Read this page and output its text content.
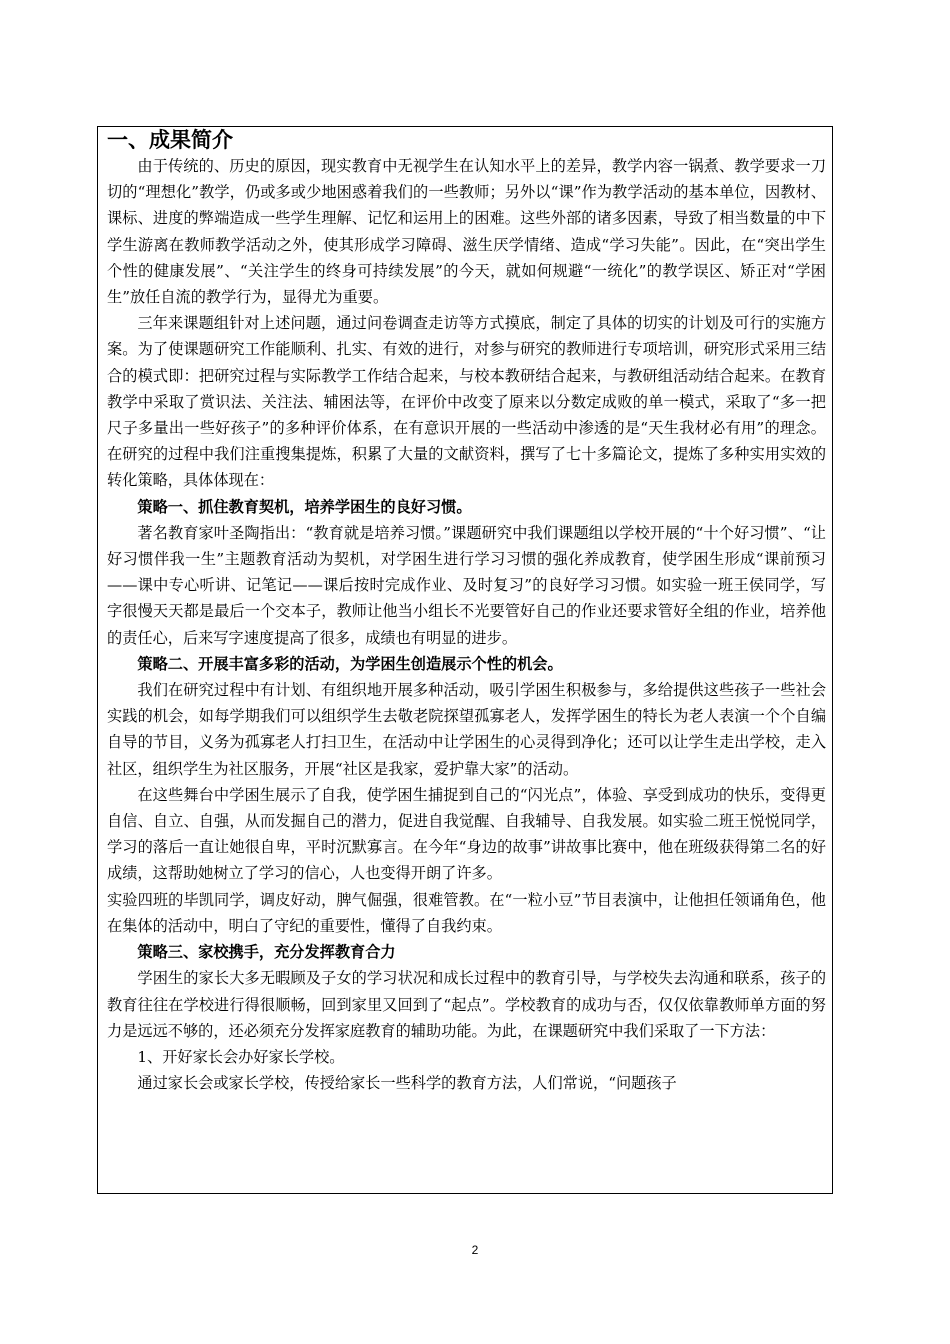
一、成果简介

由于传统的、历史的原因，现实教育中无视学生在认知水平上的差异，教学内容一锅煮、教学要求一刀切的“理想化”教学，仍或多或少地困惑着我们的一些教师；另外以“课”作为教学活动的基本单位，因教材、课标、进度的弊端造成一些学生理解、记忆和运用上的困难。这些外部的诸多因素，导致了相当数量的中下学生游离在教师教学活动之外，使其形成学习障碍、滋生厌学情绪、造成“学习失能”。因此，在“突出学生个性的健康发展”、“关注学生的终身可持续发展”的今天，就如何规避“一统化”的教学误区、矫正对“学困生”放任自流的教学行为，显得尤为重要。

三年来课题组针对上述问题，通过问卷调查走访等方式摸底，制定了具体的切实的计划及可行的实施方案。为了使课题研究工作能顺利、扎实、有效的进行，对参与研究的教师进行专项培训，研究形式采用三结合的模式即：把研究过程与实际教学工作结合起来，与校本教研结合起来，与教研组活动结合起来。在教育教学中采取了赏识法、关注法、辅困法等，在评价中改变了原来以分数定成败的单一模式，采取了“多一把尺子多量出一些好孩子”的多种评价体系，在有意识开展的一些活动中渗透的是“天生我材必有用”的理念。在研究的过程中我们注重搜集提炼，积累了大量的文献资料，撰写了七十多篇论文，提炼了多种实用实效的转化策略，具体体现在：

策略一、抓住教育契机，培养学困生的良好习惯。

著名教育家叶圣陶指出：“教育就是培养习惯。”课题研究中我们课题组以学校开展的“十个好习惯”、“让好习惯伴我一生”主题教育活动为契机，对学困生进行学习习惯的强化养成教育，使学困生形成“课前预习——课中专心听讲、记笔记——课后按时完成作业、及时复习”的良好学习习惯。如实验一班王侯同学，写字很慢天天都是最后一个交本子，教师让他当小组长不光要管好自己的作业还要求管好全组的作业，培养他的责任心，后来写字速度提高了很多，成绩也有明显的进步。

策略二、开展丰富多彩的活动，为学困生创造展示个性的机会。

我们在研究过程中有计划、有组织地开展多种活动，吸引学困生积极参与，多给提供这些孩子一些社会实践的机会，如每学期我们可以组织学生去敬老院探望孤寡老人，发挥学困生的特长为老人表演一个个自编自导的节目，义务为孤寡老人打扫卫生，在活动中让学困生的心灵得到净化；还可以让学生走出学校，走入社区，组织学生为社区服务，开展“社区是我家，爱护靠大家”的活动。

在这些舞台中学困生展示了自我，使学困生捕捉到自己的“闪光点”，体验、享受到成功的快乐，变得更自信、自立、自强，从而发掘自己的潜力，促进自我觉醒、自我辅导、自我发展。如实验二班王悦悦同学，学习的落后一直让她很自卑，平时沉默寡言。在今年“身边的故事”讲故事比赛中，他在班级获得第二名的好成绩，这帮助她树立了学习的信心，人也变得开朗了许多。

实验四班的毕凯同学，调皮好动，脾气倔强，很难管教。在“一粒小豆”节目表演中，让他担任领诵角色，他在集体的活动中，明白了守纪的重要性，懂得了自我约束。

策略三、家校携手，充分发挥教育合力

学困生的家长大多无暇顾及子女的学习状况和成长过程中的教育引导，与学校失去沟通和联系，孩子的教育往往在学校进行得很顺畅，回到家里又回到了“起点”。学校教育的成功与否，仅仅依靠教师单方面的努力是远远不够的，还必须充分发挥家庭教育的辅助功能。为此，在课题研究中我们采取了一下方法：

1、开好家长会办好家长学校。

通过家长会或家长学校，传授给家长一些科学的教育方法，人们常说，“问题孩子

2
